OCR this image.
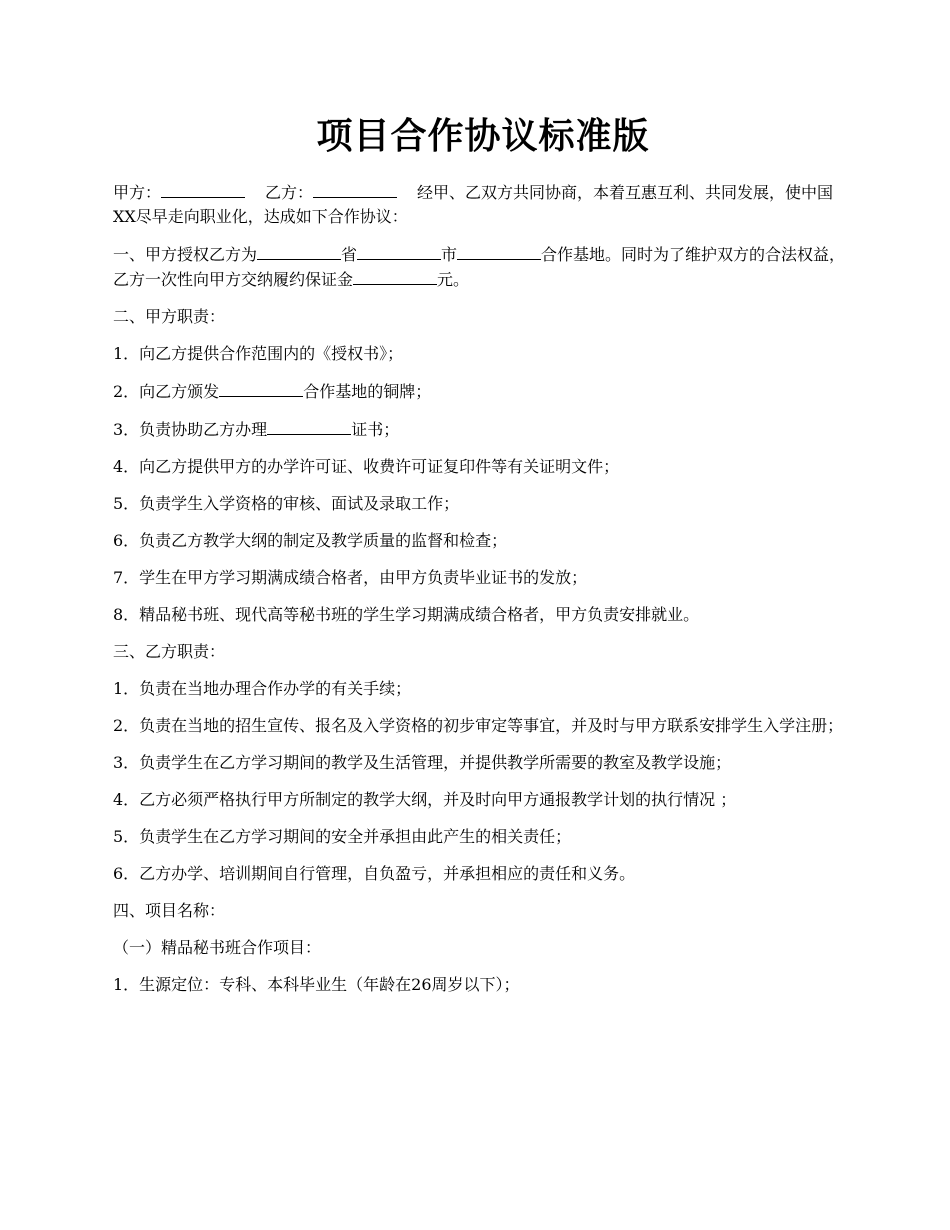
项目合作协议标准版

甲方：	乙方：	经甲、乙双方共同协商，本着互惠互利、共同发展，使中国XX尽早走向职业化，达成如下合作协议：

一、甲方授权乙方为	省	市	合作基地。同时为了维护双方的合法权益，乙方一次性向甲方交纳履约保证金	元。

二、甲方职责：

1．向乙方提供合作范围内的《授权书》；

2．向乙方颁发	合作基地的铜牌；

3．负责协助乙方办理	证书；

4．向乙方提供甲方的办学许可证、收费许可证复印件等有关证明文件；

5．负责学生入学资格的审核、面试及录取工作；

6．负责乙方教学大纲的制定及教学质量的监督和检查；

7．学生在甲方学习期满成绩合格者，由甲方负责毕业证书的发放；

8．精品秘书班、现代高等秘书班的学生学习期满成绩合格者，甲方负责安排就业。

三、乙方职责：

1．负责在当地办理合作办学的有关手续；

2．负责在当地的招生宣传、报名及入学资格的初步审定等事宜，并及时与甲方联系安排学生入学注册；

3．负责学生在乙方学习期间的教学及生活管理，并提供教学所需要的教室及教学设施；

4．乙方必须严格执行甲方所制定的教学大纲，并及时向甲方通报教学计划的执行情况 ；

5．负责学生在乙方学习期间的安全并承担由此产生的相关责任；

6．乙方办学、培训期间自行管理，自负盈亏，并承担相应的责任和义务。

四、项目名称：

（一）精品秘书班合作项目：

1．生源定位：专科、本科毕业生（年龄在26周岁以下）；
